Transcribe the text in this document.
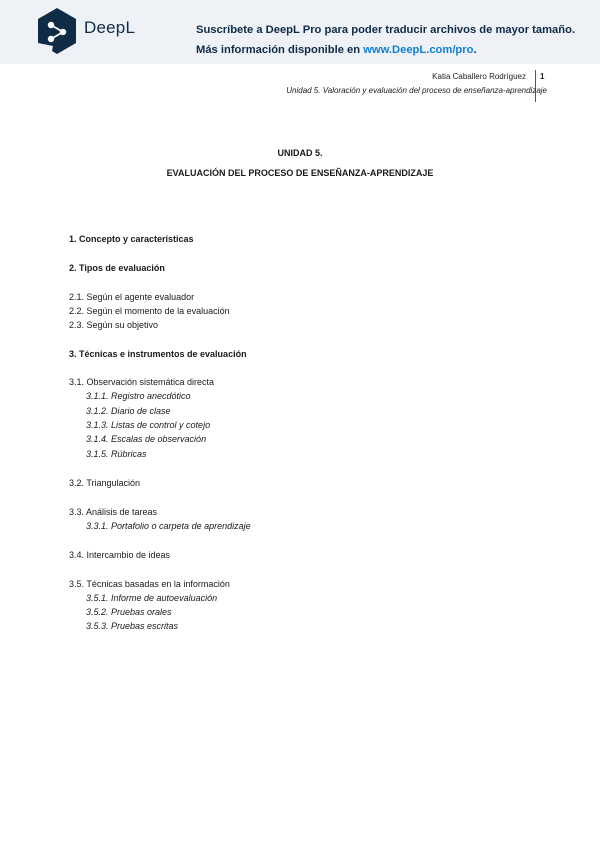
DeepL	Suscríbete a DeepL Pro para poder traducir archivos de mayor tamaño.
Más información disponible en www.DeepL.com/pro.
Katia Caballero Rodríguez 1
Unidad 5. Valoración y evaluación del proceso de enseñanza-aprendizaje
UNIDAD 5.
EVALUACIÓN DEL PROCESO DE ENSEÑANZA-APRENDIZAJE
1. Concepto y características
2. Tipos de evaluación
2.1. Según el agente evaluador
2.2. Según el momento de la evaluación
2.3. Según su objetivo
3. Técnicas e instrumentos de evaluación
3.1. Observación sistemática directa
3.1.1. Registro anecdótico
3.1.2. Diario de clase
3.1.3. Listas de control y cotejo
3.1.4. Escalas de observación
3.1.5. Rúbricas
3.2. Triangulación
3.3. Análisis de tareas
3.3.1. Portafolio o carpeta de aprendizaje
3.4. Intercambio de ideas
3.5. Técnicas basadas en la información
3.5.1. Informe de autoevaluación
3.5.2. Pruebas orales
3.5.3. Pruebas escritas
